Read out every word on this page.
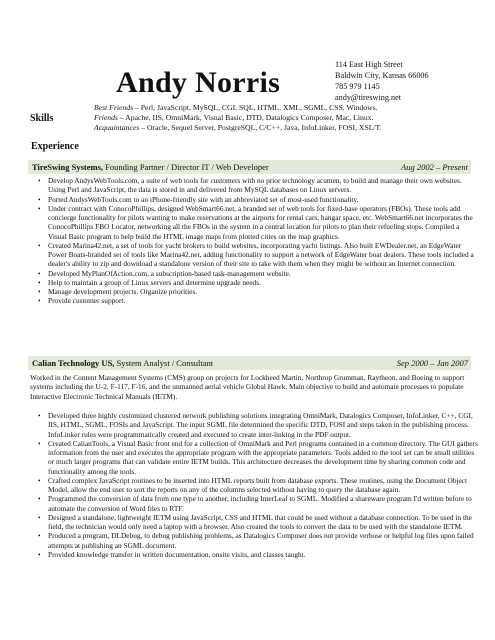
Andy Norris
114 East High Street
Baldwin City, Kansas 66006
785 979 1145
andy@tireswing.net
Skills
Best Friends – Perl, JavaScript, MySQL, CGI, SQL, HTML, XML, SGML, CSS, Windows.
Friends – Apache, IIS, OmniMark, Visual Basic, DTD, Datalogics Composer, Mac, Linux.
Acquaintances – Oracle, Sequel Server, PostgreSQL, C/C++, Java, InfoLinker, FOSI, XSL/T.
Experience
TireSwing Systems, Founding Partner / Director IT / Web Developer	Aug 2002 – Present
• Develop AndysWebTools.com, a suite of web tools for customers with no prior technology acumen, to build and manage their own websites. Using Perl and JavaScript, the data is stored in and delivered from MySQL databases on Linux servers.
• Ported AndysWebTools.com to an iPhone-friendly site with an abbreviated set of most-used functionality.
• Under contract with ConocoPhillips, designed WebSmart66.net, a branded set of web tools for fixed-base operators (FBOs). These tools add concierge functionality for pilots wanting to make reservations at the airports for rental cars, hangar space, etc. WebSmart66.net incorporates the ConocoPhillips FBO Locator, networking all the FBOs in the system in a central location for pilots to plan their refueling stops. Compiled a Visual Basic program to help build the HTML image maps from plotted cities on the map graphics.
• Created Marina42.net, a set of tools for yacht brokers to build websites, incorporating yacht listings. Also built EWDealer.net, an EdgeWater Power Boats-branded set of tools like Marina42.net, adding functionality to support a network of EdgeWater boat dealers. These tools included a dealer's ability to zip and download a standalone version of their site to take with them when they might be without an Internet connection.
• Developed MyPlanOfAction.com, a subscription-based task-management website.
• Help to maintain a group of Linux servers and determine upgrade needs.
• Manage development projects. Organize priorities.
• Provide customer support.
Calian Technology US, System Analyst / Consultant	Sep 2000 – Jan 2007
Worked in the Content Management Systems (CMS) group on projects for Lockheed Martin, Northrop Grumman, Raytheon, and Boeing to support systems including the U-2, F-117, F-16, and the unmanned aerial vehicle Global Hawk. Main objective to build and automate processes to populate Interactive Electronic Technical Manuals (IETM).
• Developed three highly customized clustered network publishing solutions integrating OmniMark, Datalogics Composer, InfoLinker, C++, CGI, IIS, HTML, SGML, FOSIs and JavaScript. The input SGML file determined the specific DTD, FOSI and steps taken in the publishing process. InfoLinker rules were programmatically created and executed to create inter-linking in the PDF output.
• Created CalianTools, a Visual Basic front end for a collection of OmniMark and Perl programs contained in a common directory. The GUI gathers information from the user and executes the appropriate program with the appropriate parameters. Tools added to the tool set can be small utilities or much larger programs that can validate entire IETM builds. This architecture decreases the development time by sharing common code and functionality among the tools.
• Crafted complex JavaScript routines to be inserted into HTML reports built from database exports. These routines, using the Document Object Model, allow the end user to sort the reports on any of the columns selected without having to query the database again.
• Programmed the conversion of data from one type to another, including InterLeaf to SGML. Modified a shareware program I'd written before to automate the conversion of Word files to RTF.
• Designed a standalone, lightweight IETM using JavaScript, CSS and HTML that could be used without a database connection. To be used in the field, the technician would only need a laptop with a browser. Also created the tools to convert the data to be used with the standalone IETM.
• Produced a program, DLDebug, to debug publishing problems, as Datalogics Composer does not provide verbose or helpful log files upon failed attempts at publishing an SGML document.
• Provided knowledge transfer in written documentation, onsite visits, and classes taught.
